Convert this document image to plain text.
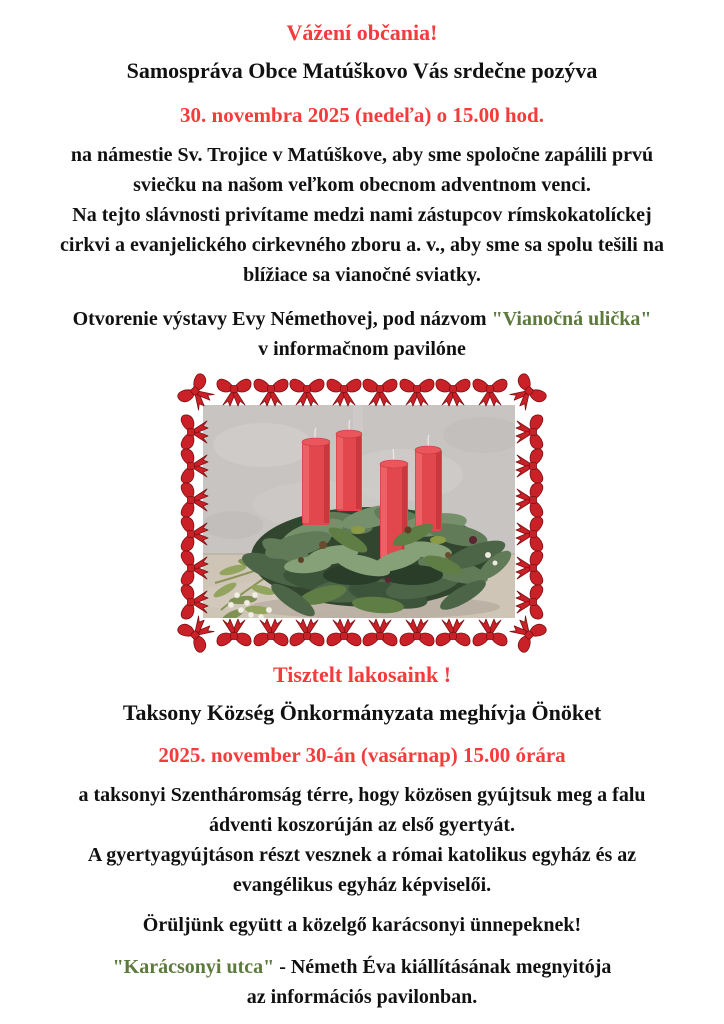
Vážení občania!
Samospráva Obce Matúškovo Vás srdečne pozýva
30. novembra 2025 (nedeľa) o 15.00 hod.
na námestie Sv. Trojice v Matúškove, aby sme spoločne zapálili prvú
sviečku na našom veľkom obecnom adventnom venci.
Na tejto slávnosti privítame medzi nami zástupcov rímskokatolíckej
cirkvi a evanjelického cirkevného zboru a. v., aby sme sa spolu tešili na
blížiace sa vianočné sviatky.
Otvorenie výstavy Evy Némethovej, pod názvom "Vianočná ulička"
v informačnom pavilóne
Tisztelt lakosaink !
Taksony Község Önkormányzata meghívja Önöket
2025. november 30-án (vasárnap) 15.00 órára
a taksonyi Szentháromság térre, hogy közösen gyújtsuk meg a falu
ádventi koszorúján az első gyertyát.
A gyertyagyújtáson részt vesznek a római katolikus egyház és az
evangélikus egyház képviselői.
Örüljünk együtt a közelgő karácsonyi ünnepeknek!
"Karácsonyi utca" - Németh Éva kiállításának megnyitója
az információs pavilonban.
